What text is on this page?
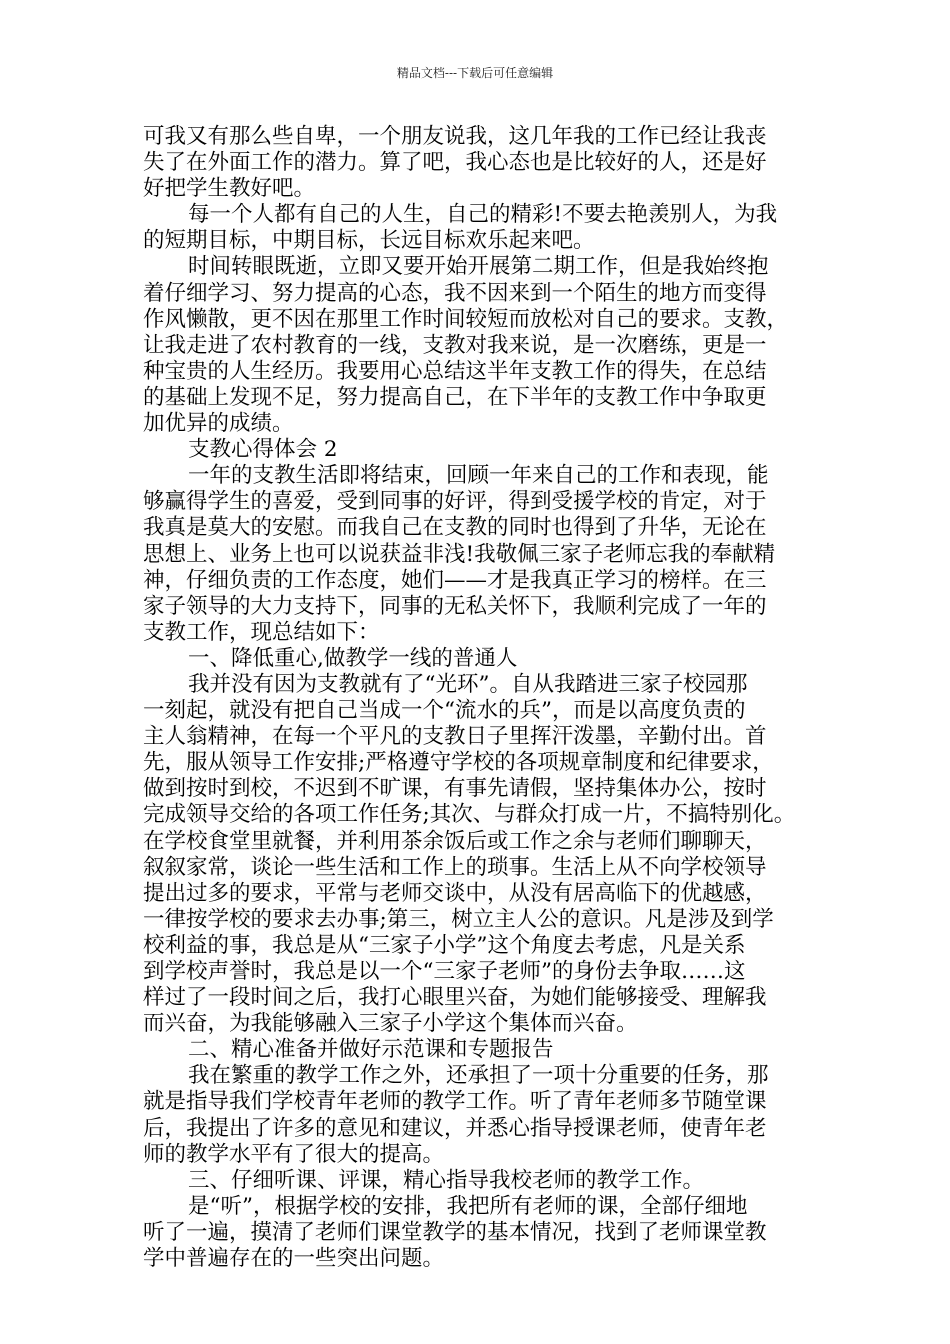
精品文档---下载后可任意编辑
可我又有那么些自卑，一个朋友说我，这几年我的工作已经让我丧
失了在外面工作的潜力。算了吧，我心态也是比较好的人，还是好
好把学生教好吧。
每一个人都有自己的人生，自己的精彩!不要去艳羡别人，为我
的短期目标，中期目标，长远目标欢乐起来吧。
时间转眼既逝，立即又要开始开展第二期工作，但是我始终抱
着仔细学习、努力提高的心态，我不因来到一个陌生的地方而变得
作风懒散，更不因在那里工作时间较短而放松对自己的要求。支教，
让我走进了农村教育的一线，支教对我来说，是一次磨练，更是一
种宝贵的人生经历。我要用心总结这半年支教工作的得失，在总结
的基础上发现不足，努力提高自己，在下半年的支教工作中争取更
加优异的成绩。
支教心得体会 2
一年的支教生活即将结束，回顾一年来自己的工作和表现，能
够赢得学生的喜爱，受到同事的好评，得到受援学校的肯定，对于
我真是莫大的安慰。而我自己在支教的同时也得到了升华，无论在
思想上、业务上也可以说获益非浅!我敬佩三家子老师忘我的奉献精
神，仔细负责的工作态度，她们——才是我真正学习的榜样。在三
家子领导的大力支持下，同事的无私关怀下，我顺利完成了一年的
支教工作，现总结如下：
一、降低重心,做教学一线的普通人
我并没有因为支教就有了“光环”。自从我踏进三家子校园那
一刻起，就没有把自己当成一个“流水的兵”，而是以高度负责的
主人翁精神，在每一个平凡的支教日子里挥汗泼墨，辛勤付出。首
先，服从领导工作安排;严格遵守学校的各项规章制度和纪律要求，
做到按时到校，不迟到不旷课，有事先请假，坚持集体办公，按时
完成领导交给的各项工作任务;其次、与群众打成一片，不搞特别化。
在学校食堂里就餐，并利用茶余饭后或工作之余与老师们聊聊天，
叙叙家常，谈论一些生活和工作上的琐事。生活上从不向学校领导
提出过多的要求，平常与老师交谈中，从没有居高临下的优越感，
一律按学校的要求去办事;第三，树立主人公的意识。凡是涉及到学
校利益的事，我总是从“三家子小学”这个角度去考虑，凡是关系
到学校声誉时，我总是以一个“三家子老师”的身份去争取……这
样过了一段时间之后，我打心眼里兴奋，为她们能够接受、理解我
而兴奋，为我能够融入三家子小学这个集体而兴奋。
二、精心准备并做好示范课和专题报告
我在繁重的教学工作之外，还承担了一项十分重要的任务，那
就是指导我们学校青年老师的教学工作。听了青年老师多节随堂课
后，我提出了许多的意见和建议，并悉心指导授课老师，使青年老
师的教学水平有了很大的提高。
三、仔细听课、评课，精心指导我校老师的教学工作。
是“听”，根据学校的安排，我把所有老师的课，全部仔细地
听了一遍，摸清了老师们课堂教学的基本情况，找到了老师课堂教
学中普遍存在的一些突出问题。
